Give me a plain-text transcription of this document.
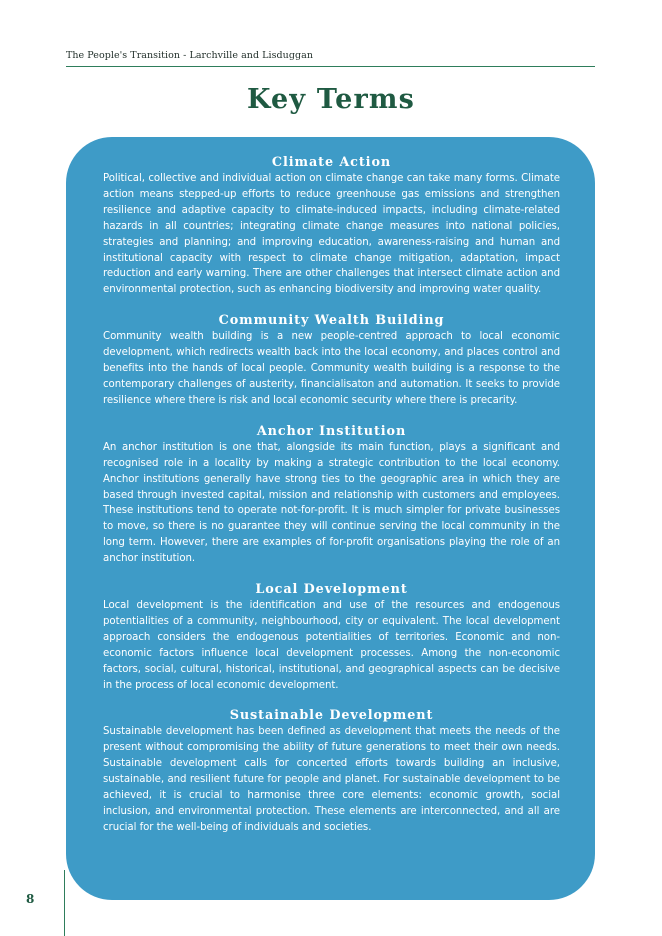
The People's Transition - Larchville and Lisduggan
Key Terms
Climate Action

Political, collective and individual action on climate change can take many forms. Climate action means stepped-up efforts to reduce greenhouse gas emissions and strengthen resilience and adaptive capacity to climate-induced impacts, including climate-related hazards in all countries; integrating climate change measures into national policies, strategies and planning; and improving education, awareness-raising and human and institutional capacity with respect to climate change mitigation, adaptation, impact reduction and early warning. There are other challenges that intersect climate action and environmental protection, such as enhancing biodiversity and improving water quality.

Community Wealth Building

Community wealth building is a new people-centred approach to local economic development, which redirects wealth back into the local economy, and places control and benefits into the hands of local people. Community wealth building is a response to the contemporary challenges of austerity, financialisaton and automation. It seeks to provide resilience where there is risk and local economic security where there is precarity.

Anchor Institution

An anchor institution is one that, alongside its main function, plays a significant and recognised role in a locality by making a strategic contribution to the local economy. Anchor institutions generally have strong ties to the geographic area in which they are based through invested capital, mission and relationship with customers and employees. These institutions tend to operate not-for-profit. It is much simpler for private businesses to move, so there is no guarantee they will continue serving the local community in the long term. However, there are examples of for-profit organisations playing the role of an anchor institution.

Local Development

Local development is the identification and use of the resources and endogenous potentialities of a community, neighbourhood, city or equivalent. The local development approach considers the endogenous potentialities of territories. Economic and non-economic factors influence local development processes. Among the non-economic factors, social, cultural, historical, institutional, and geographical aspects can be decisive in the process of local economic development.

Sustainable Development

Sustainable development has been defined as development that meets the needs of the present without compromising the ability of future generations to meet their own needs. Sustainable development calls for concerted efforts towards building an inclusive, sustainable, and resilient future for people and planet. For sustainable development to be achieved, it is crucial to harmonise three core elements: economic growth, social inclusion, and environmental protection. These elements are interconnected, and all are crucial for the well-being of individuals and societies.

8
